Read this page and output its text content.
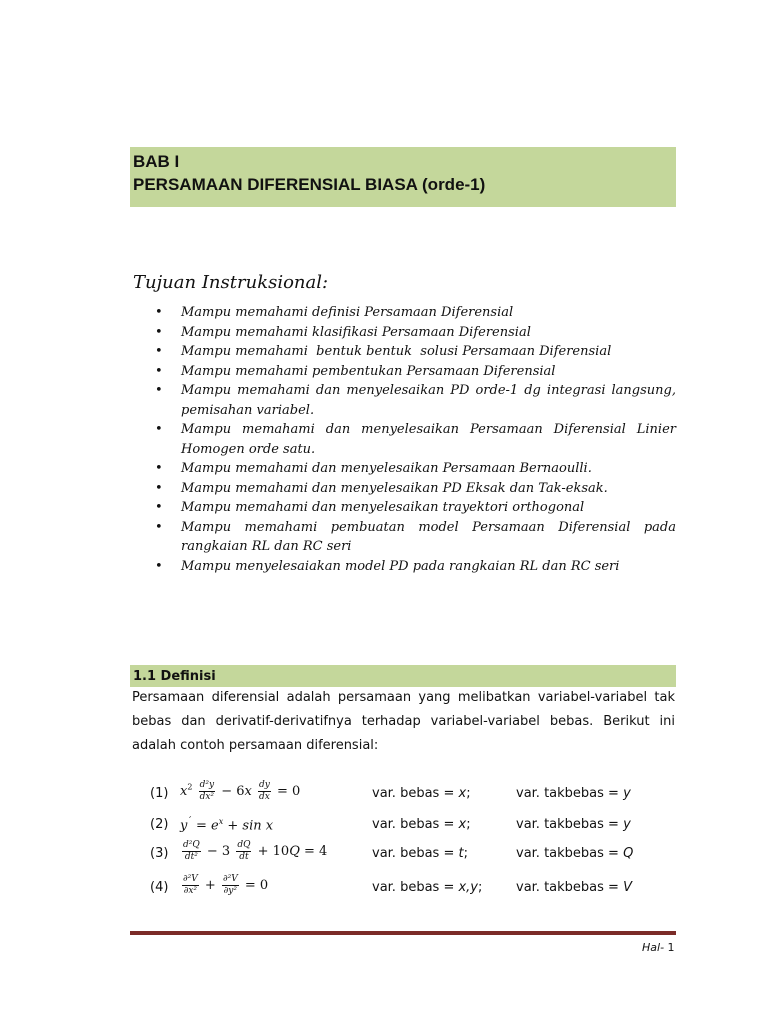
BAB I
PERSAMAAN DIFERENSIAL BIASA (orde-1)
Tujuan Instruksional:
• Mampu memahami definisi Persamaan Diferensial
• Mampu memahami klasifikasi Persamaan Diferensial
• Mampu memahami  bentuk bentuk  solusi Persamaan Diferensial
• Mampu memahami pembentukan Persamaan Diferensial
• Mampu memahami dan menyelesaikan PD orde-1 dg integrasi langsung, pemisahan variabel.
• Mampu memahami dan menyelesaikan Persamaan Diferensial Linier Homogen orde satu.
• Mampu memahami dan menyelesaikan Persamaan Bernaoulli.
• Mampu memahami dan menyelesaikan PD Eksak dan Tak-eksak.
• Mampu memahami dan menyelesaikan trayektori orthogonal
• Mampu memahami pembuatan model Persamaan Diferensial pada rangkaian RL dan RC seri
• Mampu menyelesaiakan model PD pada rangkaian RL dan RC seri
1.1 Definisi

Persamaan diferensial adalah persamaan yang melibatkan variabel-variabel tak bebas dan derivatif-derivatifnya terhadap variabel-variabel bebas. Berikut ini adalah contoh persamaan diferensial:

(1) $x^2 \frac{\text{d²y}}{\text{dx²}} - 6x \frac{dy}{dx} = 0$	var. bebas = x;	var. takbebas = y
(2) $y^´ = e^x + \sin x$	var. bebas = x;	var. takbebas = y
$(3) \frac{\text{d²Q}}{\text{dt²}} - 3 \frac{dQ}{dt} + 10Q = 4$	var. bebas = t;	var. takbebas = Q
$(4) \frac{\text{∂²V}}{\text{∂x²}} + \frac{\text{∂²V}}{\text{∂y²}} = 0$	var. bebas = x,y;	var. takbebas = V
Hal- 1
